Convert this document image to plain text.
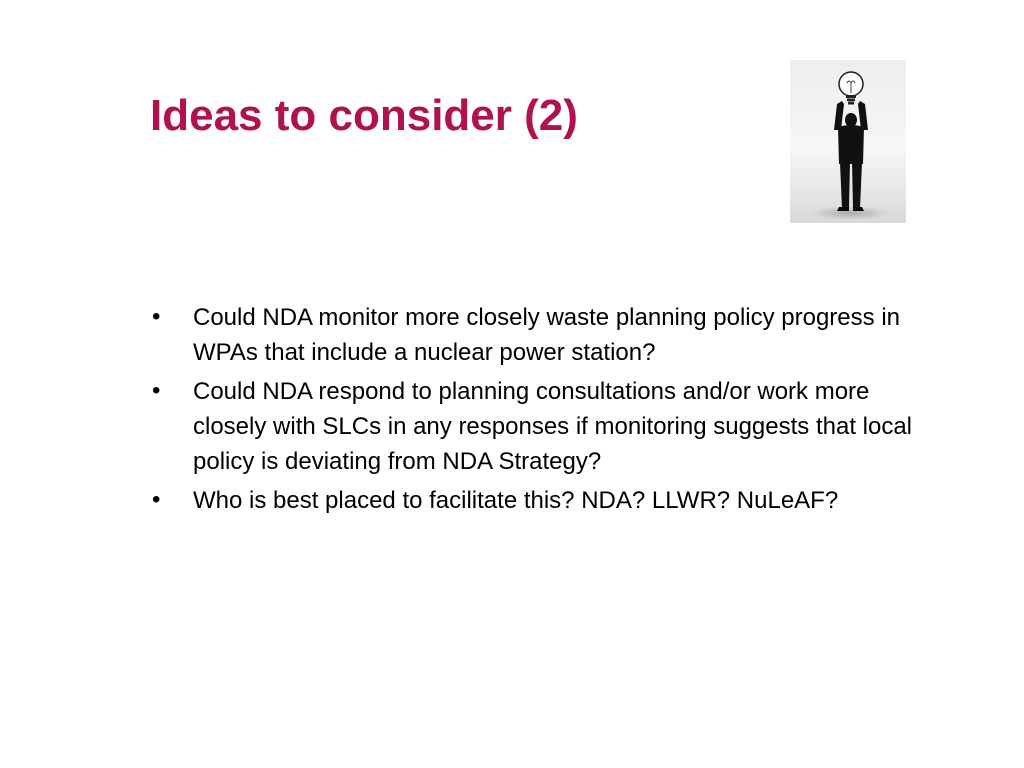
Ideas to consider (2)
• Could NDA monitor more closely waste planning policy progress in WPAs that include a nuclear power station?
• Could NDA respond to planning consultations and/or work more closely with SLCs in any responses if monitoring suggests that local policy is deviating from NDA Strategy?
• Who is best placed to facilitate this? NDA? LLWR? NuLeAF?
